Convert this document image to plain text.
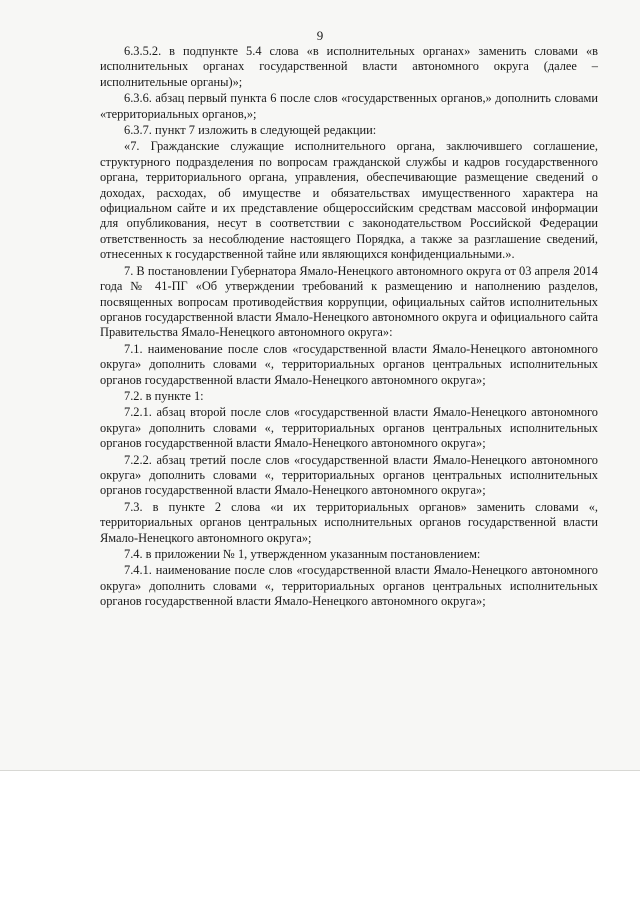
9

6.3.5.2. в подпункте 5.4 слова «в исполнительных органах» заменить словами «в исполнительных органах государственной власти автономного округа (далее – исполнительные органы)»;

6.3.6. абзац первый пункта 6 после слов «государственных органов,» дополнить словами «территориальных органов,»;

6.3.7. пункт 7 изложить в следующей редакции:

«7. Гражданские служащие исполнительного органа, заключившего соглашение, структурного подразделения по вопросам гражданской службы и кадров государственного органа, территориального органа, управления, обеспечивающие размещение сведений о доходах, расходах, об имуществе и обязательствах имущественного характера на официальном сайте и их представление общероссийским средствам массовой информации для опубликования, несут в соответствии с законодательством Российской Федерации ответственность за несоблюдение настоящего Порядка, а также за разглашение сведений, отнесенных к государственной тайне или являющихся конфиденциальными.».

7. В постановлении Губернатора Ямало-Ненецкого автономного округа от 03 апреля 2014 года № 41-ПГ «Об утверждении требований к размещению и наполнению разделов, посвященных вопросам противодействия коррупции, официальных сайтов исполнительных органов государственной власти Ямало-Ненецкого автономного округа и официального сайта Правительства Ямало-Ненецкого автономного округа»:

7.1. наименование после слов «государственной власти Ямало-Ненецкого автономного округа» дополнить словами «, территориальных органов центральных исполнительных органов государственной власти Ямало-Ненецкого автономного округа»;

7.2. в пункте 1:

7.2.1. абзац второй после слов «государственной власти Ямало-Ненецкого автономного округа» дополнить словами «, территориальных органов центральных исполнительных органов государственной власти Ямало-Ненецкого автономного округа»;

7.2.2. абзац третий после слов «государственной власти Ямало-Ненецкого автономного округа» дополнить словами «, территориальных органов центральных исполнительных органов государственной власти Ямало-Ненецкого автономного округа»;

7.3. в пункте 2 слова «и их территориальных органов» заменить словами «, территориальных органов центральных исполнительных органов государственной власти Ямало-Ненецкого автономного округа»;

7.4. в приложении № 1, утвержденном указанным постановлением:

7.4.1. наименование после слов «государственной власти Ямало-Ненецкого автономного округа» дополнить словами «, территориальных органов центральных исполнительных органов государственной власти Ямало-Ненецкого автономного округа»;
